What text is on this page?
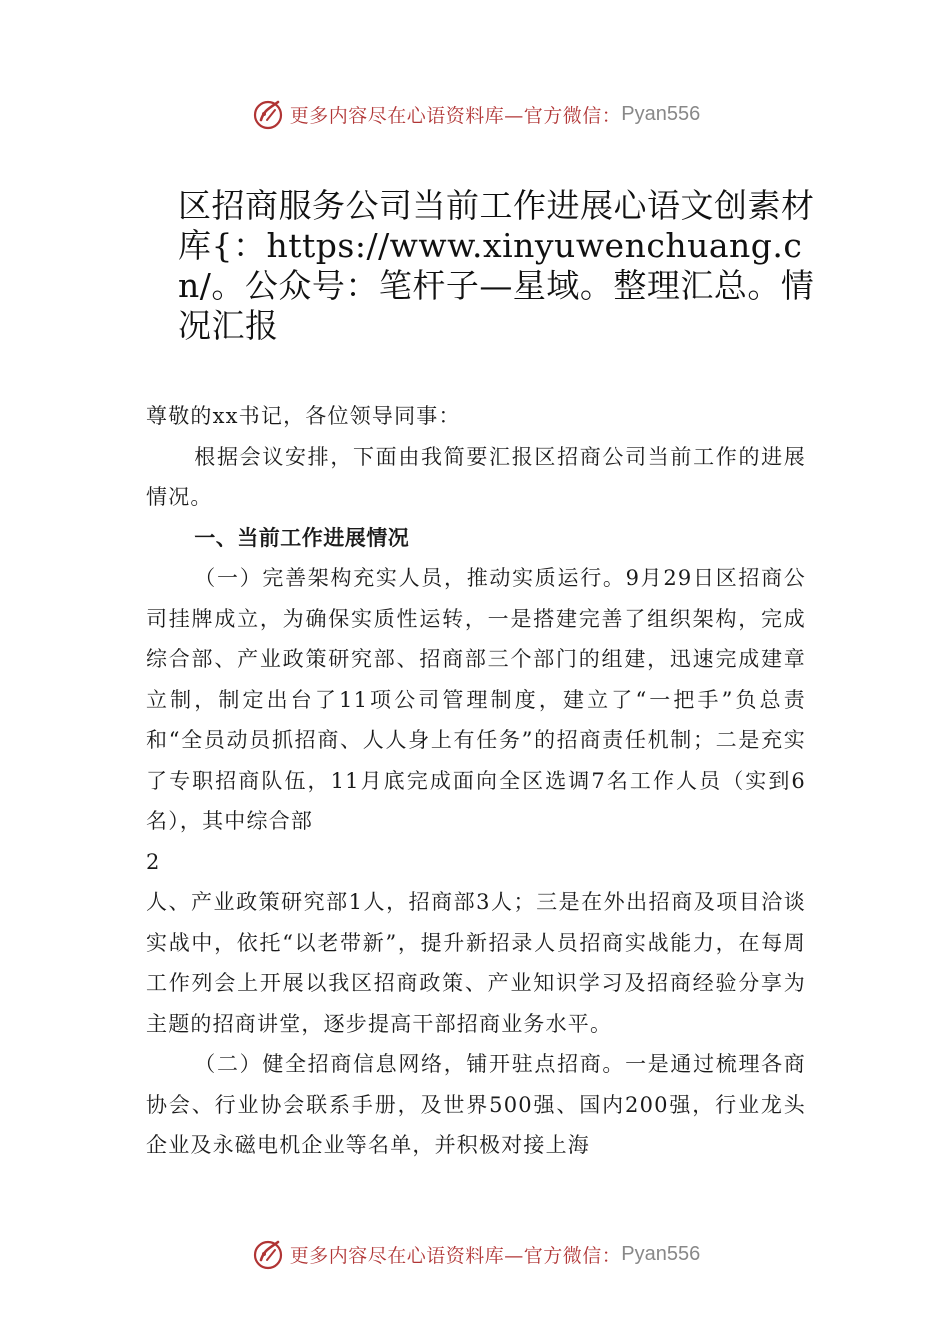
更多内容尽在心语资料库—官方微信： Pyan556
区招商服务公司当前工作进展心语文创素材库{：https://www.xinyuwenchuang.cn/。公众号：笔杆子—星域。整理汇总。情况汇报

尊敬的xx书记，各位领导同事：

根据会议安排，下面由我简要汇报区招商公司当前工作的进展情况。

一、当前工作进展情况

（一）完善架构充实人员，推动实质运行。9月29日区招商公司挂牌成立，为确保实质性运转，一是搭建完善了组织架构，完成综合部、产业政策研究部、招商部三个部门的组建，迅速完成建章立制，制定出台了11项公司管理制度，建立了“一把手”负总责和“全员动员抓招商、人人身上有任务”的招商责任机制；二是充实了专职招商队伍，11月底完成面向全区选调7名工作人员（实到6名），其中综合部

2

人、产业政策研究部1人，招商部3人；三是在外出招商及项目洽谈实战中，依托“以老带新”，提升新招录人员招商实战能力，在每周工作列会上开展以我区招商政策、产业知识学习及招商经验分享为主题的招商讲堂，逐步提高干部招商业务水平。

（二）健全招商信息网络，铺开驻点招商。一是通过梳理各商协会、行业协会联系手册，及世界500强、国内200强，行业龙头企业及永磁电机企业等名单，并积极对接上海

更多内容尽在心语资料库—官方微信： Pyan556
